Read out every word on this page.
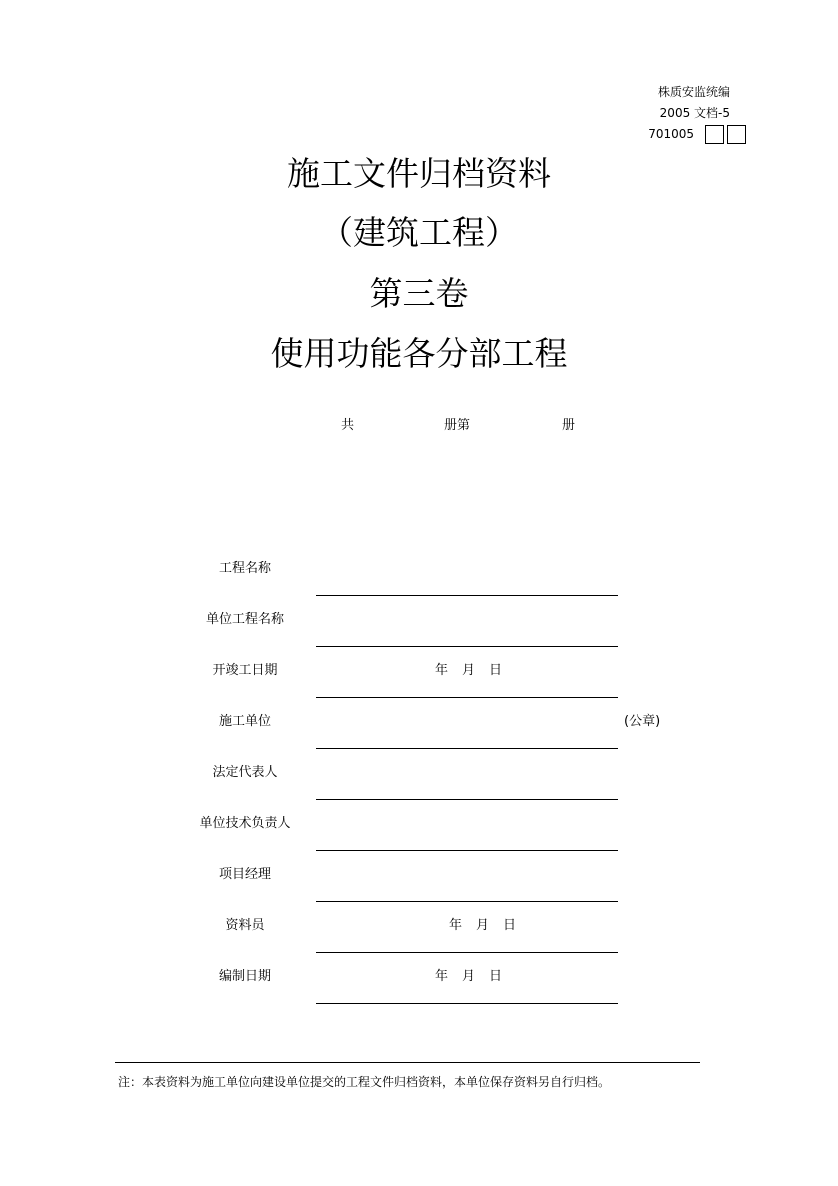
株质安监统编
2005 文档-5
701005
施工文件归档资料
（建筑工程）
第三卷
使用功能各分部工程
共	册第	册
工程名称
单位工程名称
开竣工日期	年 月 日
施工单位	(公章)
法定代表人
单位技术负责人
项目经理
资料员	年 月 日
编制日期	年 月 日
注：本表资料为施工单位向建设单位提交的工程文件归档资料，本单位保存资料另自行归档。
